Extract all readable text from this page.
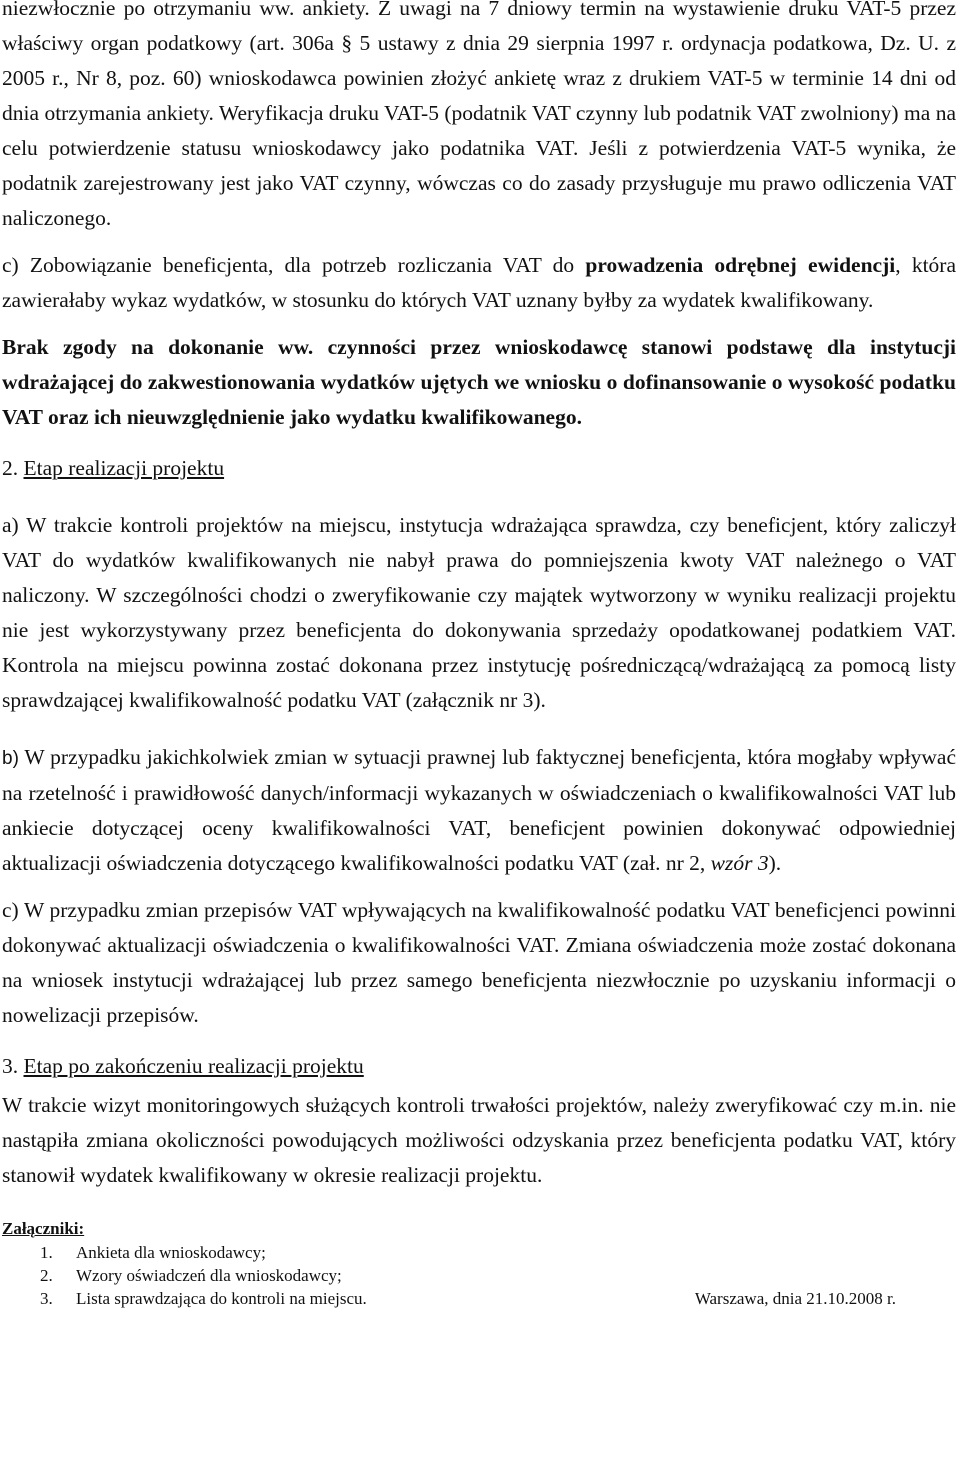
niezwłocznie po otrzymaniu ww. ankiety. Z uwagi na 7 dniowy termin na wystawienie druku VAT-5 przez właściwy organ podatkowy (art. 306a § 5 ustawy z dnia 29 sierpnia 1997 r. ordynacja podatkowa, Dz. U. z 2005 r., Nr 8, poz. 60) wnioskodawca powinien złożyć ankietę wraz z drukiem VAT-5 w terminie 14 dni od dnia otrzymania ankiety. Weryfikacja druku VAT-5 (podatnik VAT czynny lub podatnik VAT zwolniony) ma na celu potwierdzenie statusu wnioskodawcy jako podatnika VAT. Jeśli z potwierdzenia VAT-5 wynika, że podatnik zarejestrowany jest jako VAT czynny, wówczas co do zasady przysługuje mu prawo odliczenia VAT naliczonego.

c) Zobowiązanie beneficjenta, dla potrzeb rozliczania VAT do prowadzenia odrębnej ewidencji, która zawierałaby wykaz wydatków, w stosunku do których VAT uznany byłby za wydatek kwalifikowany.

Brak zgody na dokonanie ww. czynności przez wnioskodawcę stanowi podstawę dla instytucji wdrażającej do zakwestionowania wydatków ujętych we wniosku o dofinansowanie o wysokość podatku VAT oraz ich nieuwzględnienie jako wydatku kwalifikowanego.

2. Etap realizacji projektu

a) W trakcie kontroli projektów na miejscu, instytucja wdrażająca sprawdza, czy beneficjent, który zaliczył VAT do wydatków kwalifikowanych nie nabył prawa do pomniejszenia kwoty VAT należnego o VAT naliczony. W szczególności chodzi o zweryfikowanie czy majątek wytworzony w wyniku realizacji projektu nie jest wykorzystywany przez beneficjenta do dokonywania sprzedaży opodatkowanej podatkiem VAT. Kontrola na miejscu powinna zostać dokonana przez instytucję pośredniczącą/wdrażającą za pomocą listy sprawdzającej kwalifikowalność podatku VAT (załącznik nr 3).

b) W przypadku jakichkolwiek zmian w sytuacji prawnej lub faktycznej beneficjenta, która mogłaby wpływać na rzetelność i prawidłowość danych/informacji wykazanych w oświadczeniach o kwalifikowalności VAT lub ankiecie dotyczącej oceny kwalifikowalności VAT, beneficjent powinien dokonywać odpowiedniej aktualizacji oświadczenia dotyczącego kwalifikowalności podatku VAT (zał. nr 2, wzór 3).

c) W przypadku zmian przepisów VAT wpływających na kwalifikowalność podatku VAT beneficjenci powinni dokonywać aktualizacji oświadczenia o kwalifikowalności VAT. Zmiana oświadczenia może zostać dokonana na wniosek instytucji wdrażającej lub przez samego beneficjenta niezwłocznie po uzyskaniu informacji o nowelizacji przepisów.

3. Etap po zakończeniu realizacji projektu

W trakcie wizyt monitoringowych służących kontroli trwałości projektów, należy zweryfikować czy m.in. nie nastąpiła zmiana okoliczności powodujących możliwości odzyskania przez beneficjenta podatku VAT, który stanowił wydatek kwalifikowany w okresie realizacji projektu.

Załączniki:

1. Ankieta dla wnioskodawcy;
2. Wzory oświadczeń dla wnioskodawcy;
3. Lista sprawdzająca do kontroli na miejscu.	Warszawa, dnia 21.10.2008 r.
